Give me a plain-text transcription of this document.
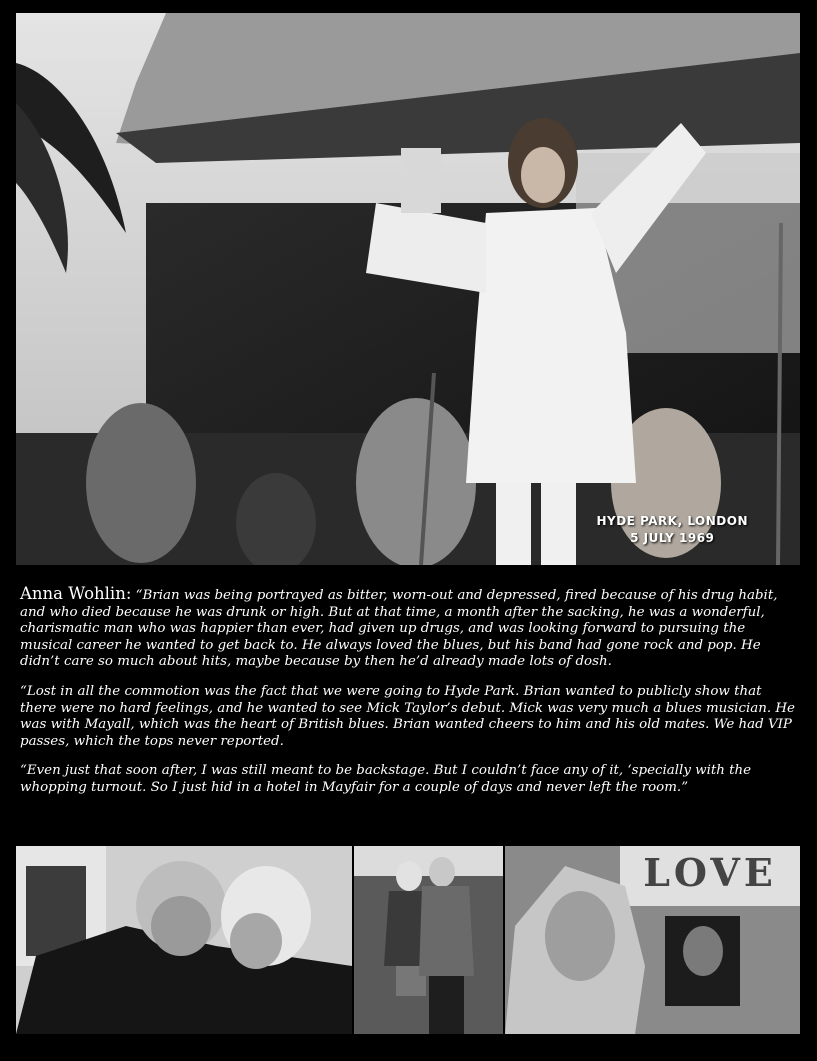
HYDE PARK, LONDON
5 JULY 1969

Anna Wohlin: “Brian was being portrayed as bitter, worn-out and depressed, fired because of his drug habit, and who died because he was drunk or high. But at that time, a month after the sacking, he was a wonderful, charismatic man who was happier than ever, had given up drugs, and was looking forward to pursuing the musical career he wanted to get back to. He always loved the blues, but his band had gone rock and pop. He didn’t care so much about hits, maybe because by then he’d already made lots of dosh.

“Lost in all the commotion was the fact that we were going to Hyde Park. Brian wanted to publicly show that there were no hard feelings, and he wanted to see Mick Taylor’s debut. Mick was very much a blues musician. He was with Mayall, which was the heart of British blues. Brian wanted cheers to him and his old mates. We had VIP passes, which the tops never reported.

“Even just that soon after, I was still meant to be backstage. But I couldn’t face any of it, ‘specially with the whopping turnout. So I just hid in a hotel in Mayfair for a couple of days and never left the room.”

LOVE
